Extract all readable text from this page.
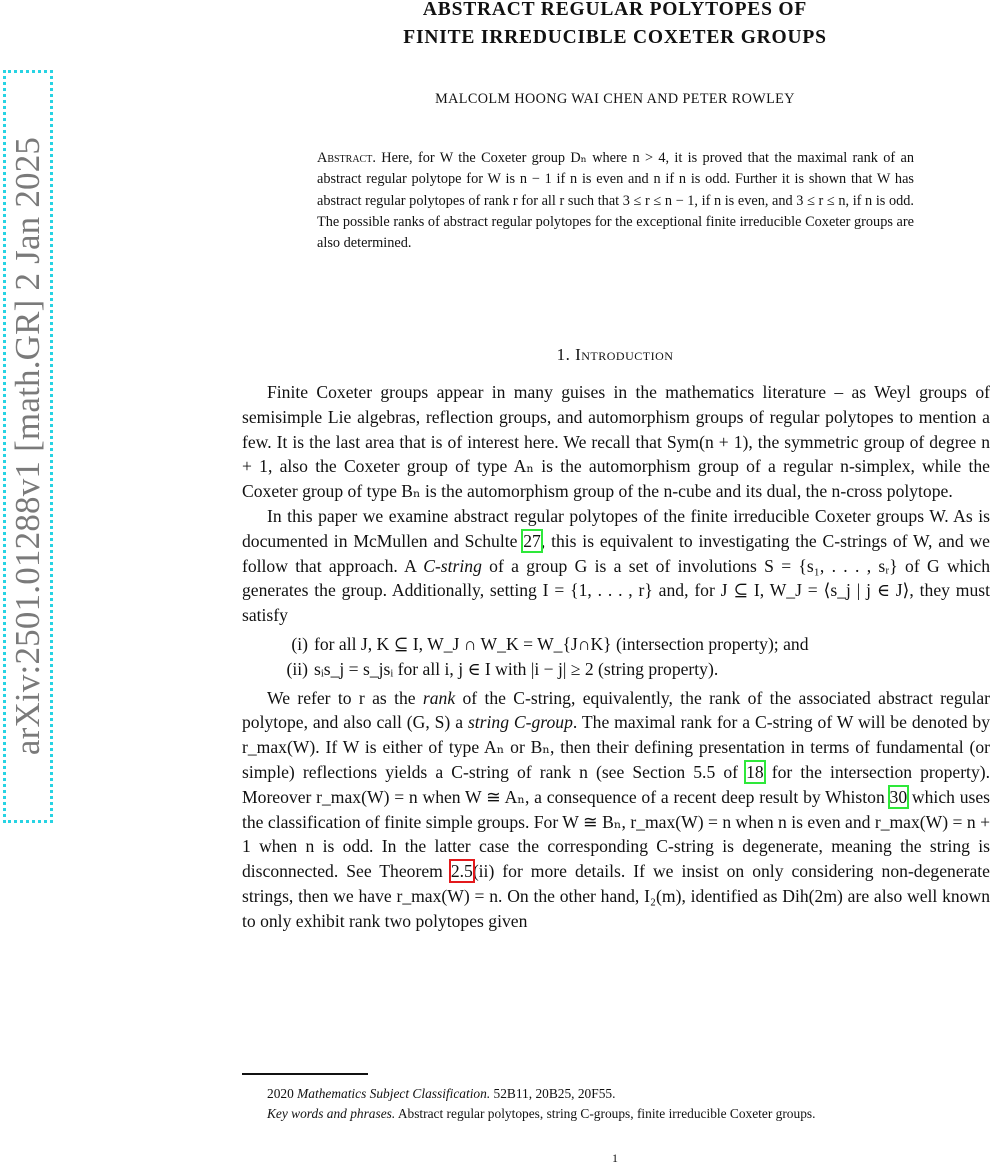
arXiv:2501.01288v1 [math.GR] 2 Jan 2025
ABSTRACT REGULAR POLYTOPES OF
FINITE IRREDUCIBLE COXETER GROUPS
MALCOLM HOONG WAI CHEN AND PETER ROWLEY
Abstract. Here, for W the Coxeter group Dₙ where n > 4, it is proved that the maximal rank of an abstract regular polytope for W is n − 1 if n is even and n if n is odd. Further it is shown that W has abstract regular polytopes of rank r for all r such that 3 ≤ r ≤ n − 1, if n is even, and 3 ≤ r ≤ n, if n is odd. The possible ranks of abstract regular polytopes for the exceptional finite irreducible Coxeter groups are also determined.
1. Introduction

Finite Coxeter groups appear in many guises in the mathematics literature – as Weyl groups of semisimple Lie algebras, reflection groups, and automorphism groups of regular polytopes to mention a few. It is the last area that is of interest here. We recall that Sym(n + 1), the symmetric group of degree n + 1, also the Coxeter group of type Aₙ is the automorphism group of a regular n-simplex, while the Coxeter group of type Bₙ is the automorphism group of the n-cube and its dual, the n-cross polytope.

In this paper we examine abstract regular polytopes of the finite irreducible Coxeter groups W. As is documented in McMullen and Schulte 27, this is equivalent to investigating the C-strings of W, and we follow that approach. A C-string of a group G is a set of involutions S = {s₁, . . . , sᵣ} of G which generates the group. Additionally, setting I = {1, . . . , r} and, for J ⊆ I, W_J = ⟨s_j | j ∈ J⟩, they must satisfy

(i) for all J, K ⊆ I, W_J ∩ W_K = W_{J∩K} (intersection property); and
(ii) sᵢs_j = s_jsᵢ for all i, j ∈ I with |i − j| ≥ 2 (string property).

We refer to r as the rank of the C-string, equivalently, the rank of the associated abstract regular polytope, and also call (G, S) a string C-group. The maximal rank for a C-string of W will be denoted by r_max(W). If W is either of type Aₙ or Bₙ, then their defining presentation in terms of fundamental (or simple) reflections yields a C-string of rank n (see Section 5.5 of 18 for the intersection property). Moreover r_max(W) = n when W ≅ Aₙ, a consequence of a recent deep result by Whiston 30 which uses the classification of finite simple groups. For W ≅ Bₙ, r_max(W) = n when n is even and r_max(W) = n + 1 when n is odd. In the latter case the corresponding C-string is degenerate, meaning the string is disconnected. See Theorem 2.5(ii) for more details. If we insist on only considering non-degenerate strings, then we have r_max(W) = n. On the other hand, I₂(m), identified as Dih(2m) are also well known to only exhibit rank two polytopes given

2020 Mathematics Subject Classification. 52B11, 20B25, 20F55.

Key words and phrases. Abstract regular polytopes, string C-groups, finite irreducible Coxeter groups.

1
